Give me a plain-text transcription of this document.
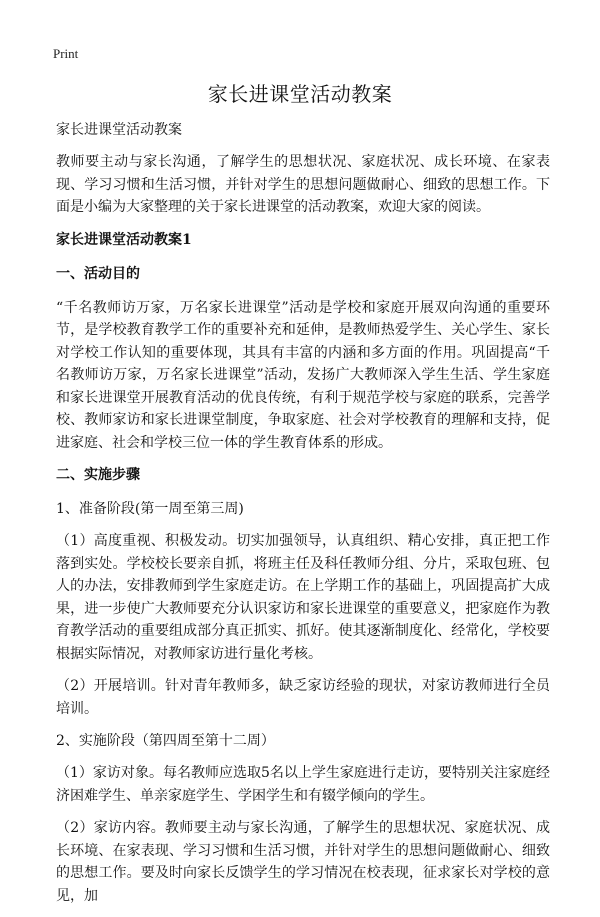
Print
家长进课堂活动教案

家长进课堂活动教案

教师要主动与家长沟通，了解学生的思想状况、家庭状况、成长环境、在家表现、学习习惯和生活习惯，并针对学生的思想问题做耐心、细致的思想工作。下面是小编为大家整理的关于家长进课堂的活动教案，欢迎大家的阅读。

家长进课堂活动教案1

一、活动目的

“千名教师访万家，万名家长进课堂”活动是学校和家庭开展双向沟通的重要环节，是学校教育教学工作的重要补充和延伸，是教师热爱学生、关心学生、家长对学校工作认知的重要体现，其具有丰富的内涵和多方面的作用。巩固提高“千名教师访万家，万名家长进课堂”活动，发扬广大教师深入学生生活、学生家庭和家长进课堂开展教育活动的优良传统，有利于规范学校与家庭的联系，完善学校、教师家访和家长进课堂制度，争取家庭、社会对学校教育的理解和支持，促进家庭、社会和学校三位一体的学生教育体系的形成。

二、实施步骤

1、准备阶段(第一周至第三周)

（1）高度重视、积极发动。切实加强领导，认真组织、精心安排，真正把工作落到实处。学校校长要亲自抓，将班主任及科任教师分组、分片，采取包班、包人的办法，安排教师到学生家庭走访。在上学期工作的基础上，巩固提高扩大成果，进一步使广大教师要充分认识家访和家长进课堂的重要意义，把家庭作为教育教学活动的重要组成部分真正抓实、抓好。使其逐渐制度化、经常化，学校要根据实际情况，对教师家访进行量化考核。

（2）开展培训。针对青年教师多，缺乏家访经验的现状，对家访教师进行全员培训。

2、实施阶段（第四周至第十二周）

（1）家访对象。每名教师应选取5名以上学生家庭进行走访，要特别关注家庭经济困难学生、单亲家庭学生、学困学生和有辍学倾向的学生。

（2）家访内容。教师要主动与家长沟通，了解学生的思想状况、家庭状况、成长环境、在家表现、学习习惯和生活习惯，并针对学生的思想问题做耐心、细致的思想工作。要及时向家长反馈学生的学习情况在校表现，征求家长对学校的意见，加
